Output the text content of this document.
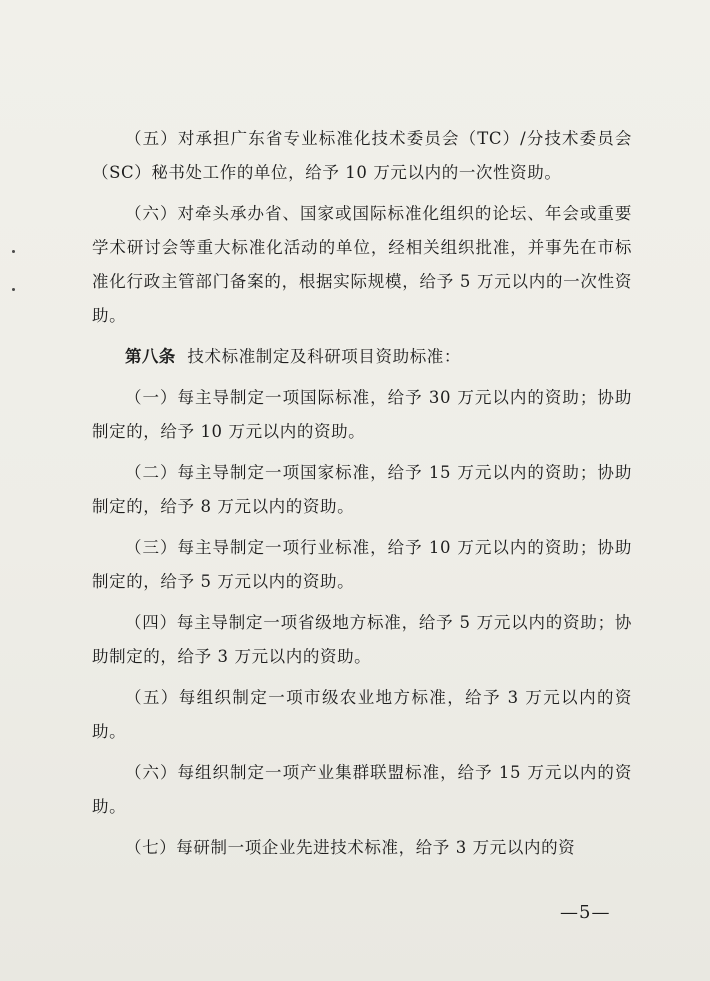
（五）对承担广东省专业标准化技术委员会（TC）/分技术委员会（SC）秘书处工作的单位，给予 10 万元以内的一次性资助。

（六）对牵头承办省、国家或国际标准化组织的论坛、年会或重要学术研讨会等重大标准化活动的单位，经相关组织批准，并事先在市标准化行政主管部门备案的，根据实际规模，给予 5 万元以内的一次性资助。

第八条 技术标准制定及科研项目资助标准：

（一）每主导制定一项国际标准，给予 30 万元以内的资助；协助制定的，给予 10 万元以内的资助。

（二）每主导制定一项国家标准，给予 15 万元以内的资助；协助制定的，给予 8 万元以内的资助。

（三）每主导制定一项行业标准，给予 10 万元以内的资助；协助制定的，给予 5 万元以内的资助。

（四）每主导制定一项省级地方标准，给予 5 万元以内的资助；协助制定的，给予 3 万元以内的资助。

（五）每组织制定一项市级农业地方标准，给予 3 万元以内的资助。

（六）每组织制定一项产业集群联盟标准，给予 15 万元以内的资助。

（七）每研制一项企业先进技术标准，给予 3 万元以内的资

—5—
